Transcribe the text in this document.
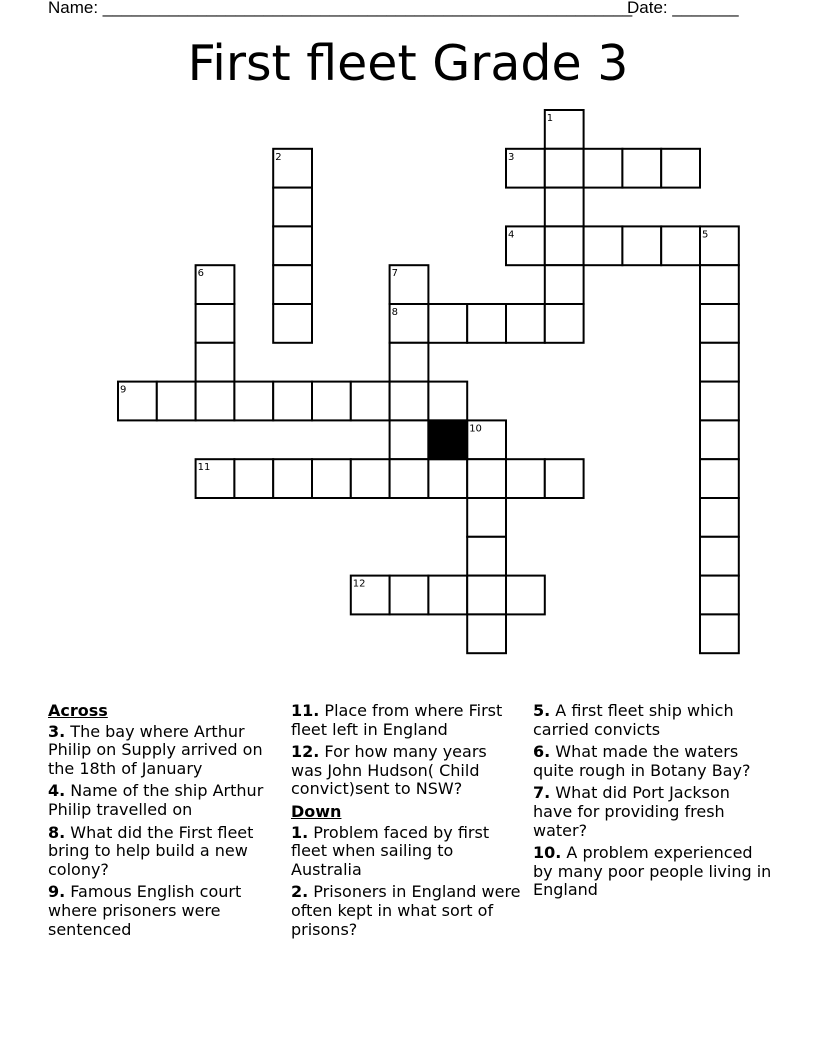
Name: ________________________________________________________
Date: _______
First fleet Grade 3
1
2	3
4	5
6	7
8
9
10
11
12
Across
3. The bay where Arthur Philip on Supply arrived on the 18th of January
4. Name of the ship Arthur Philip travelled on
8. What did the First fleet bring to help build a new colony?
9. Famous English court where prisoners were sentenced
11. Place from where First fleet left in England
12. For how many years was John Hudson( Child convict)sent to NSW?
Down
1. Problem faced by first fleet when sailing to Australia
2. Prisoners in England were often kept in what sort of prisons?
5. A first fleet ship which carried convicts
6. What made the waters quite rough in Botany Bay?
7. What did Port Jackson have for providing fresh water?
10. A problem experienced by many poor people living in England
